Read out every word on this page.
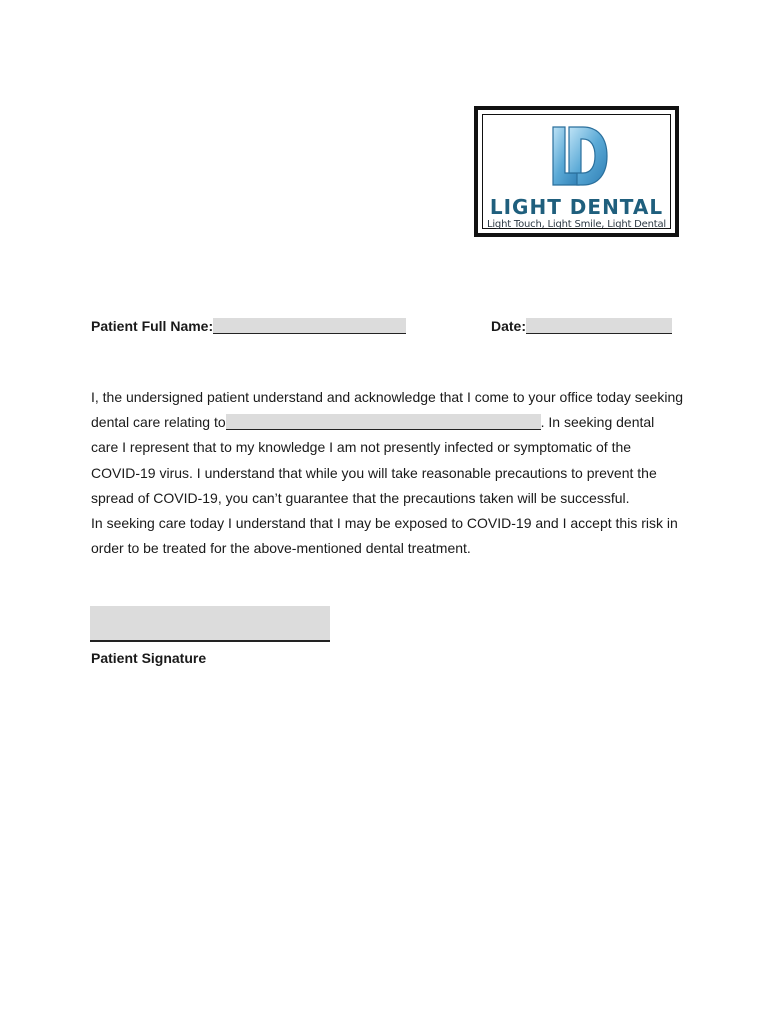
LIGHT DENTAL
Light Touch, Light Smile, Light Dental
Patient Full Name:	Date:
I, the undersigned patient understand and acknowledge that I come to your office today seeking
dental care relating to	. In seeking dental
care I represent that to my knowledge I am not presently infected or symptomatic of the
COVID-19 virus. I understand that while you will take reasonable precautions to prevent the
spread of COVID-19, you can’t guarantee that the precautions taken will be successful.
In seeking care today I understand that I may be exposed to COVID-19 and I accept this risk in
order to be treated for the above-mentioned dental treatment.
Patient Signature
